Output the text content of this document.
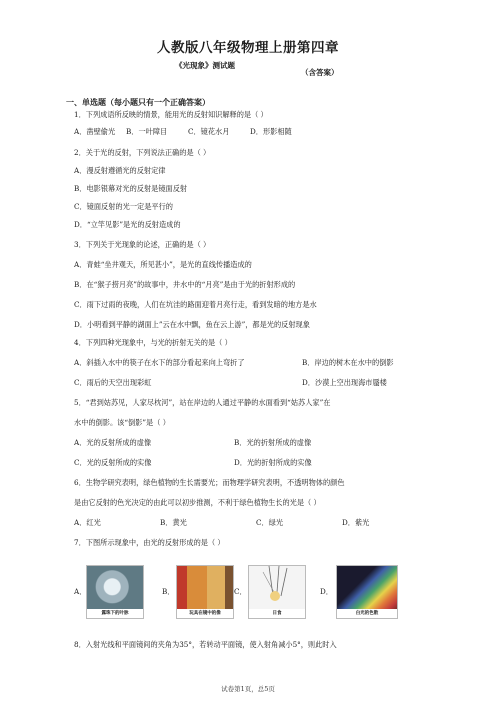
人教版八年级物理上册第四章
《光现象》测试题
（含答案）
一、单选题（每小题只有一个正确答案）
1．下列成语所反映的情景，能用光的反射知识解释的是（ ）
A．凿壁偷光 B．一叶障目	C．镜花水月	D．形影相随
2．关于光的反射，下列说法正确的是（ ）
A．漫反射遵循光的反射定律
B．电影银幕对光的反射是镜面反射
C．镜面反射的光一定是平行的
D．“立竿见影”是光的反射造成的
3．下列关于光现象的论述，正确的是（ ）
A．青蛙“坐井观天，所见甚小”，是光的直线传播造成的
B．在“猴子捞月亮”的故事中，井水中的“月亮”是由于光的折射形成的
C．雨下过雨的夜晚，人们在坑洼的路面迎着月亮行走，看到发暗的地方是水
D．小明看到平静的湖面上”云在水中飘，鱼在云上游”，都是光的反射现象
4．下列四种光现象中，与光的折射无关的是（ ）
A．斜插入水中的筷子在水下的部分看起来向上弯折了	B．岸边的树木在水中的倒影
C．雨后的天空出现彩虹	D．沙漠上空出现海市蜃楼
5．“君到姑苏见，人家尽枕河”，站在岸边的人通过平静的水面看到“姑苏人家”在
水中的倒影。该“倒影”是（ ）
A．光的反射所成的虚像	B．光的折射所成的虚像
C．光的反射所成的实像	D．光的折射所成的实像
6．生物学研究表明，绿色植物的生长需要光；而物理学研究表明，不透明物体的颜色
是由它反射的色光决定的由此可以初步推测，不利于绿色植物生长的光是（ ）
A．红光	B．黄光	C．绿光	D．紫光
7．下图所示现象中，由光的反射形成的是（ ）
A．
露珠下的叶脉
B．
玩具在镜中的像
C．
日食
D．
白光的色散
8．入射光线和平面镜间的夹角为35°，若转动平面镜，使入射角减小5°，则此时入
试卷第1页，总5页
